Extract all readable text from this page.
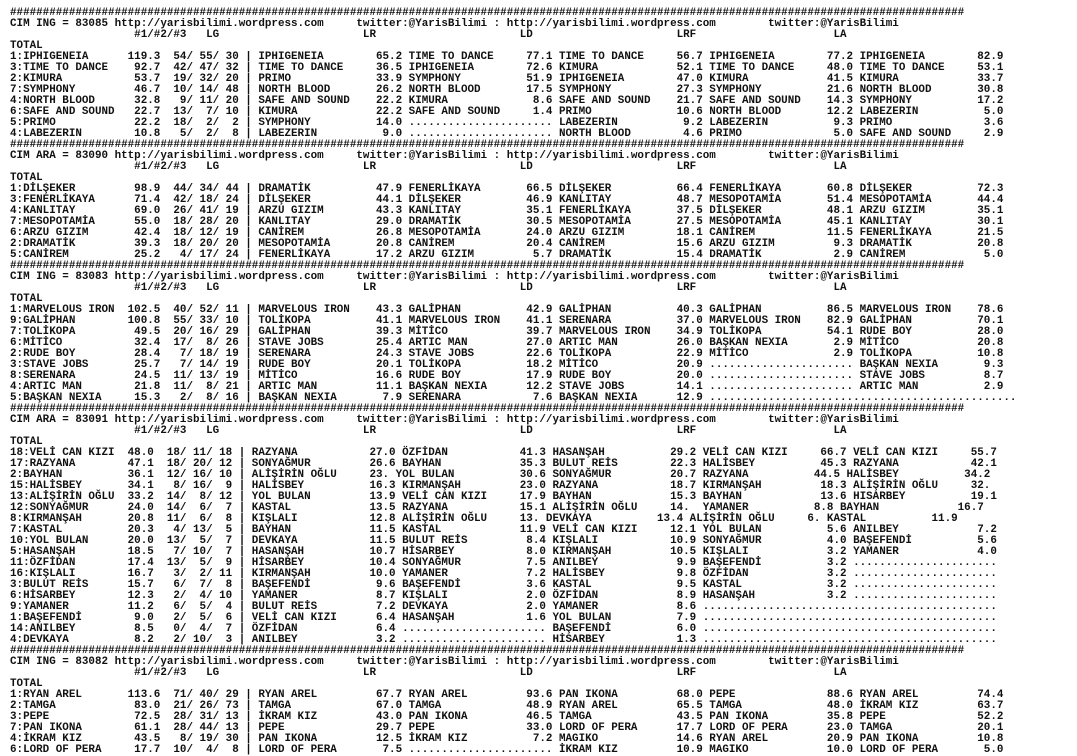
##################################################################################################################################################
CIM ING = 83085 http://yarisbilimi.wordpress.com     twitter:@YarisBilimi : http://yarisbilimi.wordpress.com        twitter:@YarisBilimi
#1/#2/#3   LG                      LR                      LD                      LRF                     LA
TOTAL
1:IPHIGENEIA      119.3  54/ 55/ 30 | IPHIGENEIA        65.2 TIME TO DANCE     77.1 TIME TO DANCE     56.7 IPHIGENEIA        77.2 IPHIGENEIA        82.9
3:TIME TO DANCE    92.7  42/ 47/ 32 | TIME TO DANCE     36.5 IPHIGENEIA        72.6 KIMURA            52.1 TIME TO DANCE     48.0 TIME TO DANCE     53.1
2:KIMURA           53.7  19/ 32/ 20 | PRIMO             33.9 SYMPHONY          51.9 IPHIGENEIA        47.0 KIMURA            41.5 KIMURA            33.7
7:SYMPHONY         46.7  10/ 14/ 48 | NORTH BLOOD       26.2 NORTH BLOOD       17.5 SYMPHONY          27.3 SYMPHONY          21.6 NORTH BLOOD       30.8
4:NORTH BLOOD      32.8   9/ 11/ 20 | SAFE AND SOUND    22.2 KIMURA             8.6 SAFE AND SOUND    21.7 SAFE AND SOUND    14.3 SYMPHONY          17.2
6:SAFE AND SOUND   22.7  13/  7/ 10 | KIMURA            22.2 SAFE AND SOUND     1.4 PRIMO             10.6 NORTH BLOOD       12.2 LABEZERIN          5.0
5:PRIMO            22.2  18/  2/  2 | SYMPHONY          14.0 ...................... LABEZERIN          9.2 LABEZERIN          9.3 PRIMO              3.6
4:LABEZERIN        10.8   5/  2/  8 | LABEZERIN          9.0 ...................... NORTH BLOOD        4.6 PRIMO              5.0 SAFE AND SOUND     2.9
##################################################################################################################################################
CIM ARA = 83090 http://yarisbilimi.wordpress.com     twitter:@YarisBilimi : http://yarisbilimi.wordpress.com        twitter:@YarisBilimi
#1/#2/#3   LG                      LR                      LD                      LRF                     LA
TOTAL
1:DİLŞEKER         98.9  44/ 34/ 44 | DRAMATİK          47.9 FENERLİKAYA       66.5 DİLŞEKER          66.4 FENERLİKAYA       60.8 DİLŞEKER          72.3
3:FENERLİKAYA      71.4  42/ 18/ 24 | DİLŞEKER          44.1 DİLŞEKER          46.9 KANLITAY          48.7 MESOPOTAMİA       51.4 MESOPOTAMİA       44.4
4:KANLITAY         69.0  26/ 41/ 19 | ARZU GIZIM        43.3 KANLITAY          35.1 FENERLİKAYA       37.5 DİLŞEKER          48.1 ARZU GIZIM        35.1
7:MESOPOTAMİA      55.0  18/ 28/ 20 | KANLITAY          29.0 DRAMATİK          30.5 MESOPOTAMİA       27.5 MESOPOTAMİA       45.1 KANLITAY          30.1
6:ARZU GIZIM       42.4  18/ 12/ 19 | CANİREM           26.8 MESOPOTAMİA       24.0 ARZU GIZIM        18.1 CANİREM           11.5 FENERLİKAYA       21.5
2:DRAMATİK         39.3  18/ 20/ 20 | MESOPOTAMİA       20.8 CANİREM           20.4 CANİREM           15.6 ARZU GIZIM         9.3 DRAMATİK          20.8
5:CANİREM          25.2   4/ 17/ 24 | FENERLİKAYA       17.2 ARZU GIZIM         5.7 DRAMATİK          15.4 DRAMATİK           2.9 CANİREM            5.0
##################################################################################################################################################
CIM ING = 83083 http://yarisbilimi.wordpress.com     twitter:@YarisBilimi : http://yarisbilimi.wordpress.com        twitter:@YarisBilimi
#1/#2/#3   LG                      LR                      LD                      LRF                     LA
TOTAL
1:MARVELOUS IRON  102.5  40/ 52/ 11 | MARVELOUS IRON    43.3 GALİPHAN          42.9 GALİPHAN          40.3 GALİPHAN          86.5 MARVELOUS IRON    78.6
9:GALİPHAN        100.8  55/ 33/ 10 | TOLİKOPA          41.1 MARVELOUS IRON    41.1 SERENARA          37.0 MARVELOUS IRON    82.9 GALİPHAN          70.1
7:TOLİKOPA         49.5  20/ 16/ 29 | GALİPHAN          39.3 MİTİCO            39.7 MARVELOUS IRON    34.9 TOLİKOPA          54.1 RUDE BOY          28.0
6:MİTİCO           32.4  17/  8/ 26 | STAVE JOBS        25.4 ARTIC MAN         27.0 ARTIC MAN         26.0 BAŞKAN NEXIA       2.9 MİTİCO            20.8
2:RUDE BOY         28.4   7/ 18/ 19 | SERENARA          24.3 STAVE JOBS        22.6 TOLİKOPA          22.9 MİTİCO             2.9 TOLİKOPA          10.8
3:STAVE JOBS       25.7   7/ 14/ 19 | RUDE BOY          20.1 TOLİKOPA          18.2 MİTİCO            20.9 ...................... BAŞKAN NEXIA       9.3
8:SERENARA         24.5  11/ 13/ 19 | MİTİCO            16.6 RUDE BOY          17.9 RUDE BOY          20.0 ...................... STAVE JOBS         8.7
4:ARTIC MAN        21.8  11/  8/ 21 | ARTIC MAN         11.1 BAŞKAN NEXIA      12.2 STAVE JOBS        14.1 ...................... ARTIC MAN          2.9
5:BAŞKAN NEXIA     15.3   2/  8/ 16 | BAŞKAN NEXIA       7.9 SERENARA           7.6 BAŞKAN NEXIA      12.9 ...............................................
##################################################################################################################################################
CIM ARA = 83091 http://yarisbilimi.wordpress.com     twitter:@YarisBilimi : http://yarisbilimi.wordpress.com        twitter:@YarisBilimi
#1/#2/#3   LG                      LR                      LD                      LRF                     LA
TOTAL
18:VELİ CAN KIZI  48.0  18/ 11/ 18 | RAZYANA           27.0 ÖZFİDAN           41.3 HASANŞAH          29.2 VELİ CAN KIZI     66.7 VELİ CAN KIZI     55.7
17:RAZYANA        47.1  18/ 20/ 12 | SONYAĞMUR         26.6 BAYHAN            35.3 BULUT REİS        22.3 HALİSBEY          45.3 RAZYANA           42.1
2:BAYHAN          36.1  12/ 16/ 10 | ALİŞİRİN OĞLU     23. YOL BULAN          30.6 SONYAĞMUR         20.7 RAZYANA          44.5 HALİSBEY          34.2
15:HALİSBEY       34.1   8/ 16/  9 | HALİSBEY          16.3 KIRMANŞAH         23.0 RAZYANA           18.7 KIRMANŞAH         18.3 ALİŞİRİN OĞLU     32.
13:ALİŞİRİN OĞLU  33.2  14/  8/ 12 | YOL BULAN         13.9 VELİ CAN KIZI     17.9 BAYHAN            15.3 BAYHAN            13.6 HISARBEY          19.1
12:SONYAĞMUR      24.0  14/  6/  7 | KASTAL            13.5 RAZYANA           15.1 ALİŞİRİN OĞLU     14.  YAMANER          8.8 BAYHAN            16.7
8:KIRMANŞAH       20.8  11/  6/  8 | KIŞLALI           12.8 ALİŞİRİN OĞLU     13. DEVKAYA          13.4 ALİŞİRİN OĞLU     6. KASTAL          11.9
7:KASTAL          20.3   4/ 13/  5 | BAYHAN            11.5 KASTAL            11.9 VELİ CAN KIZI     12.1 YOL BULAN          5.6 ANILBEY            7.2
10:YOL BULAN      20.0  13/  5/  7 | DEVKAYA           11.5 BULUT REİS         8.4 KIŞLALI           10.9 SONYAĞMUR          4.0 BAŞEFENDİ          5.6
5:HASANŞAH        18.5   7/ 10/  7 | HASANŞAH          10.7 HİSARBEY           8.0 KIRMANŞAH         10.5 KIŞLALI            3.2 YAMANER            4.0
11:ÖZFİDAN        17.4  13/  5/  9 | HİSARBEY          10.4 SONYAĞMUR          7.5 ANILBEY            9.9 BAŞEFENDİ          3.2 ......................
16:KIŞLALI        16.7   3/  2/ 11 | KIRMANŞAH         10.0 YAMANER            7.2 HALİSBEY           9.8 ÖZFİDAN            3.2 ......................
3:BULUT REİS      15.7   6/  7/  8 | BAŞEFENDİ          9.6 BAŞEFENDİ          3.6 KASTAL             9.5 KASTAL             3.2 ......................
6:HİSARBEY        12.3   2/  4/ 10 | YAMANER            8.7 KIŞLALI            2.0 ÖZFİDAN            8.9 HASANŞAH           3.2 ......................
9:YAMANER         11.2   6/  5/  4 | BULUT REİS         7.2 DEVKAYA            2.0 YAMANER            8.6 .............................................
1:BAŞEFENDİ        9.0   2/  5/  6 | VELİ CAN KIZI      6.4 HASANŞAH           1.6 YOL BULAN          7.9 .............................................
14:ANILBEY         8.5   0/  4/  7 | ÖZFİDAN            6.4 ...................... BAŞEFENDİ          6.0 .............................................
4:DEVKAYA          8.2   2/ 10/  3 | ANILBEY            3.2 ...................... HİSARBEY           1.3 .............................................
##################################################################################################################################################
CIM ING = 83082 http://yarisbilimi.wordpress.com     twitter:@YarisBilimi : http://yarisbilimi.wordpress.com        twitter:@YarisBilimi
#1/#2/#3   LG                      LR                      LD                      LRF                     LA
TOTAL
1:RYAN AREL       113.6  71/ 40/ 29 | RYAN AREL         67.7 RYAN AREL         93.6 PAN IKONA         68.0 PEPE              88.6 RYAN AREL         74.4
2:TAMGA            83.0  21/ 26/ 73 | TAMGA             67.0 TAMGA             48.9 RYAN AREL         65.5 TAMGA             48.0 İKRAM KIZ         63.7
3:PEPE             72.5  28/ 31/ 13 | İKRAM KIZ         43.0 PAN IKONA         46.5 TAMGA             43.5 PAN IKONA         35.8 PEPE              52.2
7:PAN IKONA        61.1  28/ 44/ 13 | PEPE              29.7 PEPE              33.0 LORD OF PERA      17.7 LORD OF PERA      23.0 TAMGA             20.1
4:İKRAM KIZ        43.5   8/ 19/ 30 | PAN IKONA         12.5 İKRAM KIZ          7.2 MAGIKO            14.6 RYAN AREL         20.9 PAN IKONA         10.8
6:LORD OF PERA     17.7  10/  4/  8 | LORD OF PERA       7.5 ...................... İKRAM KIZ         10.9 MAGIKO            10.0 LORD OF PERA       5.0
